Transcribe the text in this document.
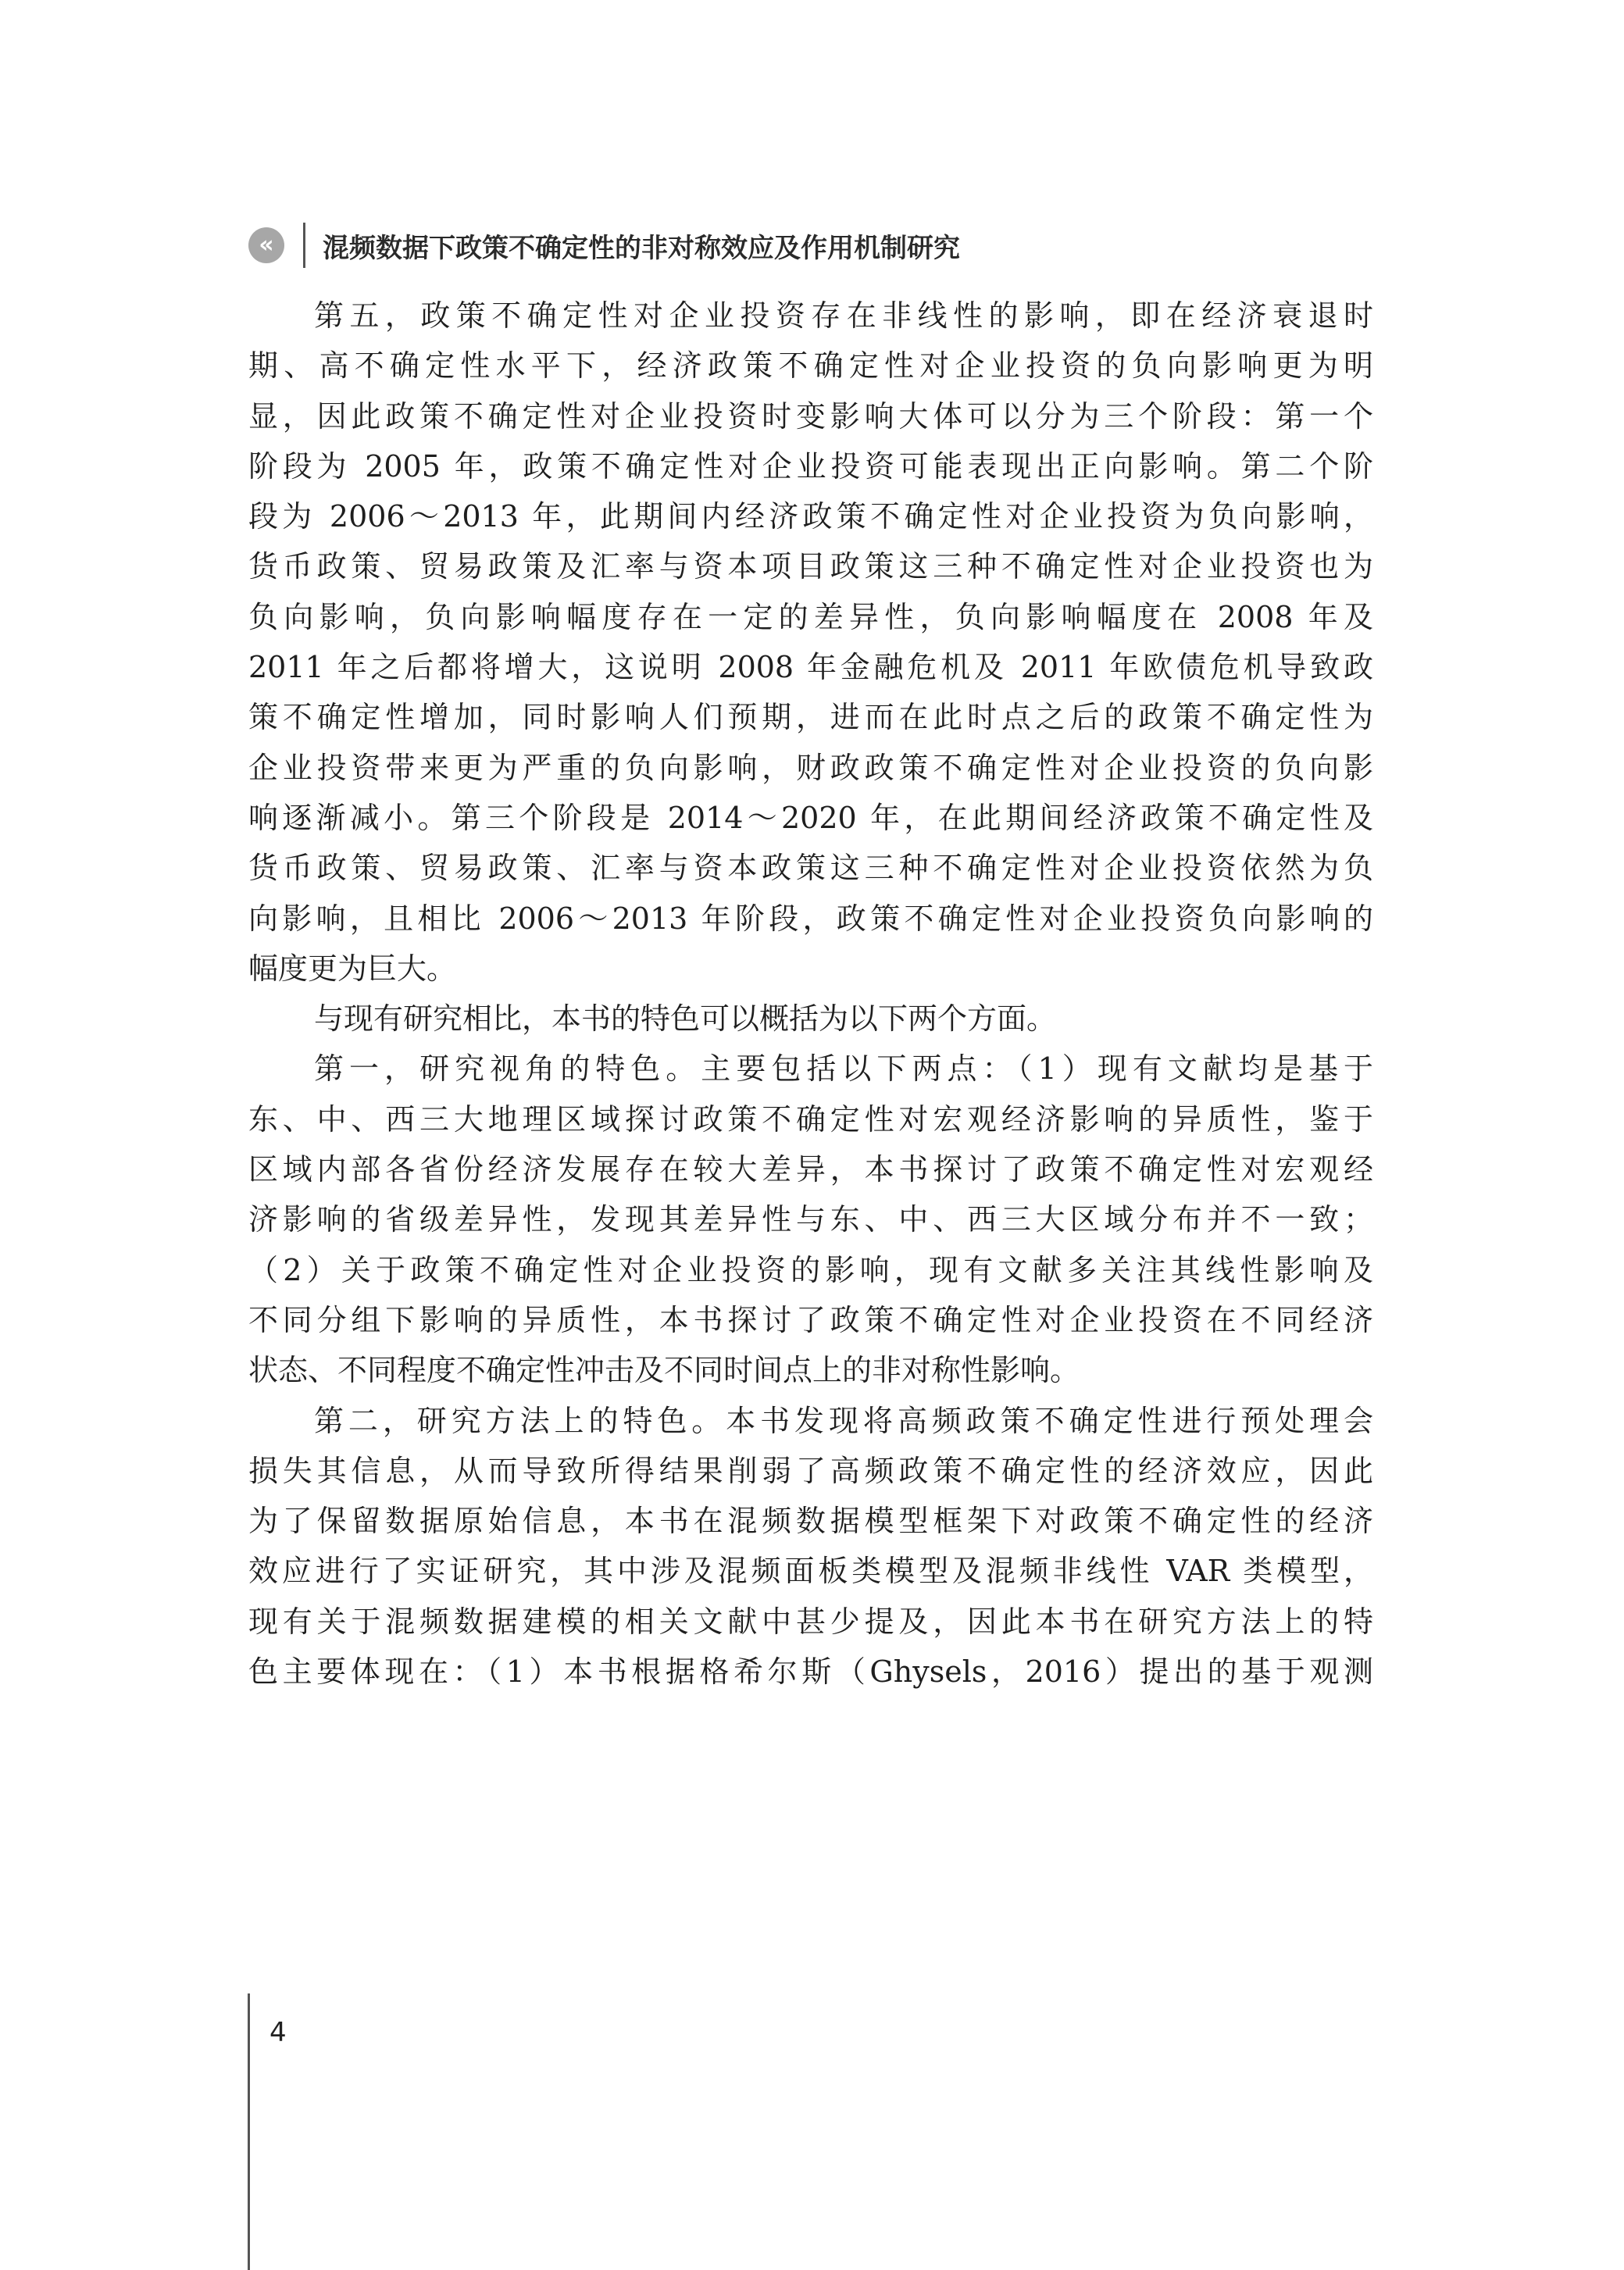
«	混频数据下政策不确定性的非对称效应及作用机制研究
第五，政策不确定性对企业投资存在非线性的影响，即在经济衰退时
期、高不确定性水平下，经济政策不确定性对企业投资的负向影响更为明
显，因此政策不确定性对企业投资时变影响大体可以分为三个阶段：第一个
阶段为 2005 年，政策不确定性对企业投资可能表现出正向影响。第二个阶
段为 2006～2013 年，此期间内经济政策不确定性对企业投资为负向影响，
货币政策、贸易政策及汇率与资本项目政策这三种不确定性对企业投资也为
负向影响，负向影响幅度存在一定的差异性，负向影响幅度在 2008 年及
2011 年之后都将增大，这说明 2008 年金融危机及 2011 年欧债危机导致政
策不确定性增加，同时影响人们预期，进而在此时点之后的政策不确定性为
企业投资带来更为严重的负向影响，财政政策不确定性对企业投资的负向影
响逐渐减小。第三个阶段是 2014～2020 年，在此期间经济政策不确定性及
货币政策、贸易政策、汇率与资本政策这三种不确定性对企业投资依然为负
向影响，且相比 2006～2013 年阶段，政策不确定性对企业投资负向影响的
幅度更为巨大。
与现有研究相比，本书的特色可以概括为以下两个方面。
第一，研究视角的特色。主要包括以下两点：（1）现有文献均是基于
东、中、西三大地理区域探讨政策不确定性对宏观经济影响的异质性，鉴于
区域内部各省份经济发展存在较大差异，本书探讨了政策不确定性对宏观经
济影响的省级差异性，发现其差异性与东、中、西三大区域分布并不一致；
（2）关于政策不确定性对企业投资的影响，现有文献多关注其线性影响及
不同分组下影响的异质性，本书探讨了政策不确定性对企业投资在不同经济
状态、不同程度不确定性冲击及不同时间点上的非对称性影响。
第二，研究方法上的特色。本书发现将高频政策不确定性进行预处理会
损失其信息，从而导致所得结果削弱了高频政策不确定性的经济效应，因此
为了保留数据原始信息，本书在混频数据模型框架下对政策不确定性的经济
效应进行了实证研究，其中涉及混频面板类模型及混频非线性 VAR 类模型，
现有关于混频数据建模的相关文献中甚少提及，因此本书在研究方法上的特
色主要体现在：（1）本书根据格希尔斯（Ghysels，2016）提出的基于观测
4
